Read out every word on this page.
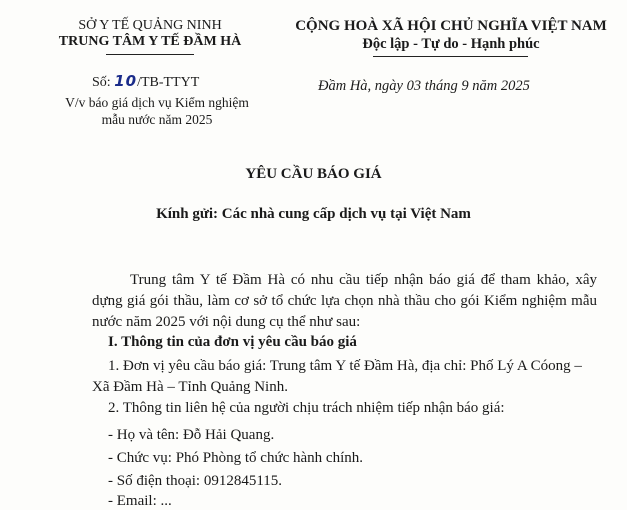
SỞ Y TẾ QUẢNG NINH
TRUNG TÂM Y TẾ ĐẦM HÀ
CỘNG HOÀ XÃ HỘI CHỦ NGHĨA VIỆT NAM
Độc lập - Tự do - Hạnh phúc
Số: 10/TB-TTYT
V/v báo giá dịch vụ Kiểm nghiệm mẫu nước năm 2025
Đầm Hà, ngày 03 tháng 9 năm 2025
YÊU CẦU BÁO GIÁ
Kính gửi: Các nhà cung cấp dịch vụ tại Việt Nam
Trung tâm Y tế Đầm Hà có nhu cầu tiếp nhận báo giá để tham khảo, xây dựng giá gói thầu, làm cơ sở tổ chức lựa chọn nhà thầu cho gói Kiểm nghiệm mẫu nước năm 2025 với nội dung cụ thể như sau:
I. Thông tin của đơn vị yêu cầu báo giá
1. Đơn vị yêu cầu báo giá: Trung tâm Y tế Đầm Hà, địa chỉ: Phố Lý A Cóong – Xã Đầm Hà – Tỉnh Quảng Ninh.
2. Thông tin liên hệ của người chịu trách nhiệm tiếp nhận báo giá:
- Họ và tên: Đỗ Hải Quang.
- Chức vụ: Phó Phòng tổ chức hành chính.
- Số điện thoại: 0912845115.
- Email: ...
